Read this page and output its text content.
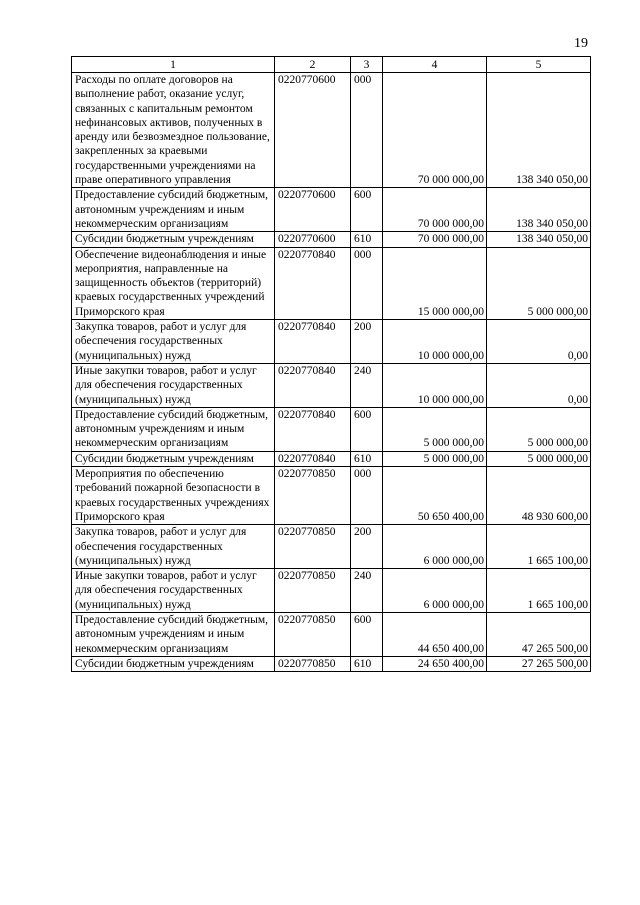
19
1	2	3	4	5
Расходы по оплате договоров на выполнение работ, оказание услуг, связанных с капитальным ремонтом нефинансовых активов, полученных в аренду или безвозмездное пользование, закрепленных за краевыми государственными учреждениями на праве оперативного управления	0220770600	000	70 000 000,00	138 340 050,00
Предоставление субсидий бюджетным, автономным учреждениям и иным некоммерческим организациям	0220770600	600	70 000 000,00	138 340 050,00
Субсидии бюджетным учреждениям	0220770600	610	70 000 000,00	138 340 050,00
Обеспечение видеонаблюдения и иные мероприятия, направленные на защищенность объектов (территорий) краевых государственных учреждений Приморского края	0220770840	000	15 000 000,00	5 000 000,00
Закупка товаров, работ и услуг для обеспечения государственных (муниципальных) нужд	0220770840	200	10 000 000,00	0,00
Иные закупки товаров, работ и услуг для обеспечения государственных (муниципальных) нужд	0220770840	240	10 000 000,00	0,00
Предоставление субсидий бюджетным, автономным учреждениям и иным некоммерческим организациям	0220770840	600	5 000 000,00	5 000 000,00
Субсидии бюджетным учреждениям	0220770840	610	5 000 000,00	5 000 000,00
Мероприятия по обеспечению требований пожарной безопасности в краевых государственных учреждениях Приморского края	0220770850	000	50 650 400,00	48 930 600,00
Закупка товаров, работ и услуг для обеспечения государственных (муниципальных) нужд	0220770850	200	6 000 000,00	1 665 100,00
Иные закупки товаров, работ и услуг для обеспечения государственных (муниципальных) нужд	0220770850	240	6 000 000,00	1 665 100,00
Предоставление субсидий бюджетным, автономным учреждениям и иным некоммерческим организациям	0220770850	600	44 650 400,00	47 265 500,00
Субсидии бюджетным учреждениям	0220770850	610	24 650 400,00	27 265 500,00
